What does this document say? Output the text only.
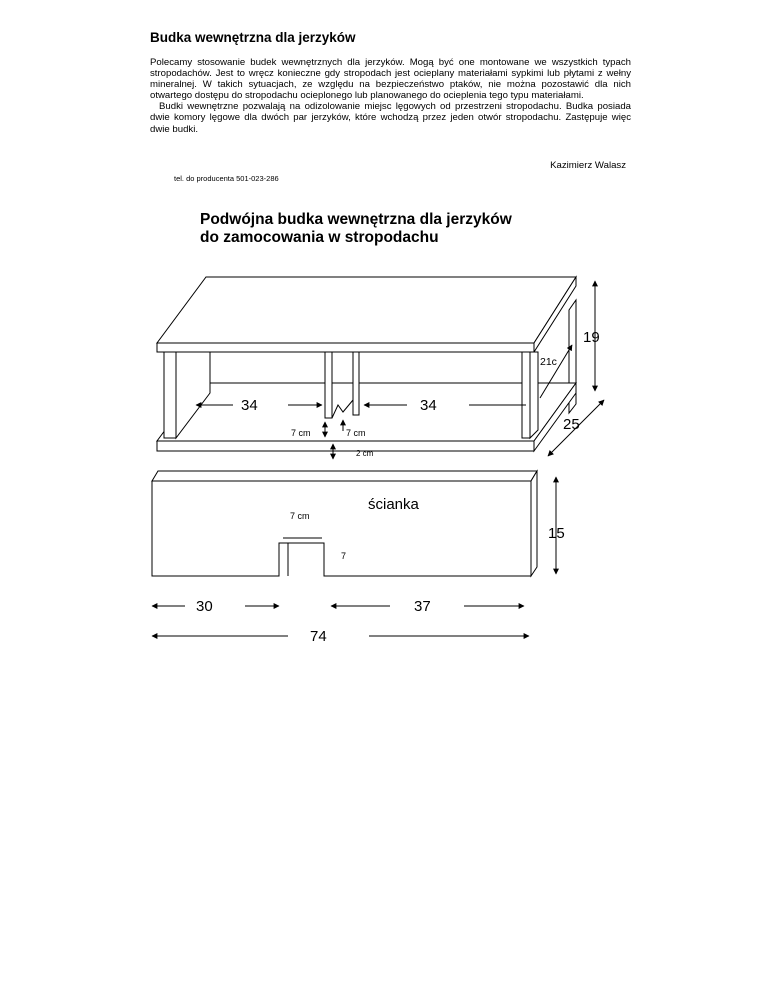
Budka wewnętrzna dla jerzyków

Polecamy stosowanie budek wewnętrznych dla jerzyków. Mogą być one montowane we wszystkich typach stropodachów. Jest to wręcz konieczne gdy stropodach jest ocieplany materiałami sypkimi lub płytami z wełny mineralnej. W takich sytuacjach, ze względu na bezpieczeństwo ptaków, nie można pozostawić dla nich otwartego dostępu do stropodachu ocieplonego lub planowanego do ocieplenia tego typu materiałami.

Budki wewnętrzne pozwalają na odizolowanie miejsc lęgowych od przestrzeni stropodachu. Budka posiada dwie komory lęgowe dla dwóch par jerzyków, które wchodzą przez jeden otwór stropodachu. Zastępuje więc dwie budki.

Kazimierz Walasz
tel. do producenta 501-023-286
Podwójna budka wewnętrzna dla jerzyków
do zamocowania w stropodachu
19
21c
25
34	34
7 cm	7 cm
2 cm
ścianka
7 cm
7
15
30	37
74
